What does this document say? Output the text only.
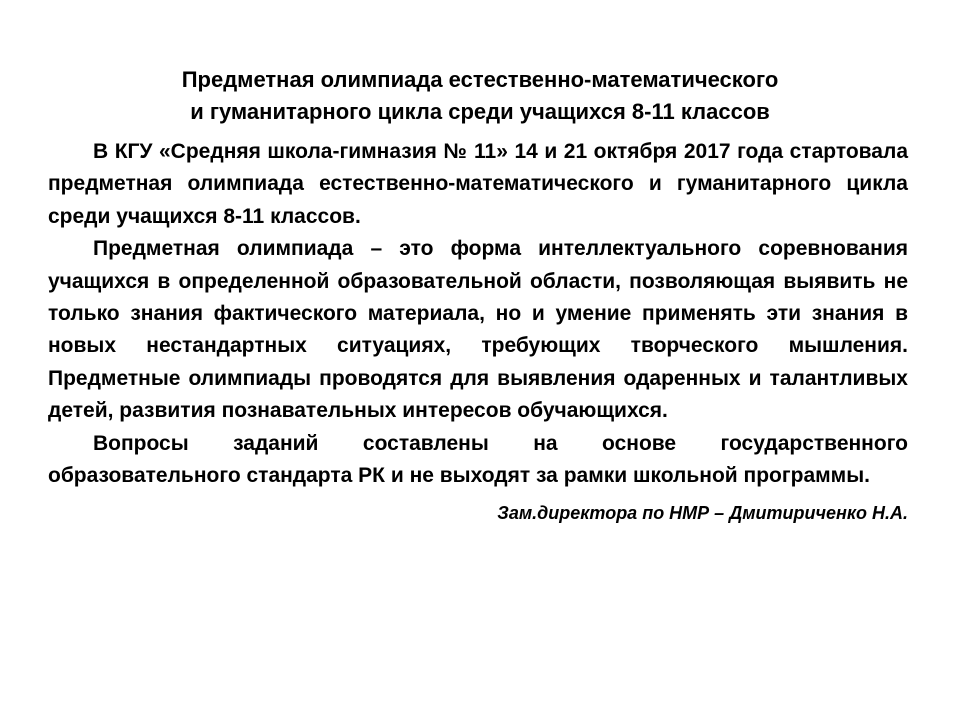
Предметная олимпиада естественно-математического
и гуманитарного цикла среди учащихся 8-11 классов

В КГУ «Средняя школа-гимназия № 11» 14 и 21 октября 2017 года стартовала предметная олимпиада естественно-математического и гуманитарного цикла среди учащихся 8-11 классов.

Предметная олимпиада – это форма интеллектуального соревнования учащихся в определенной образовательной области, позволяющая выявить не только знания фактического материала, но и умение применять эти знания в новых нестандартных ситуациях, требующих творческого мышления. Предметные олимпиады проводятся для выявления одаренных и талантливых детей, развития познавательных интересов обучающихся.

Вопросы заданий составлены на основе государственного образовательного стандарта РК и не выходят за рамки школьной программы.

Зам.директора по НМР – Дмитириченко Н.А.
